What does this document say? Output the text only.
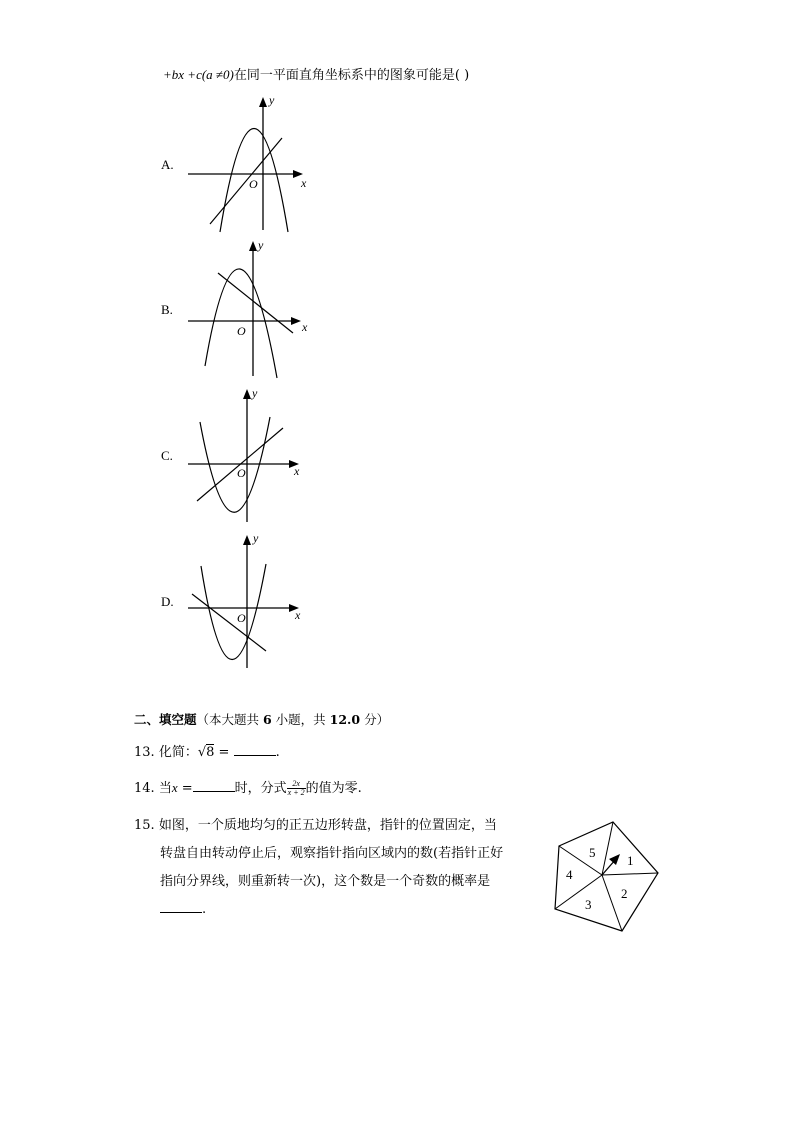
+bx +c(a ≠0)在同一平面直角坐标系中的图象可能是( )
A.
y
x
O
B.
y
x
O
C.
y
x
O
D.
y
x
O
二、填空题（本大题共 6 小题，共 12.0 分）
13. 化简：√8 =	.
14. 当x =	时，分式 $\frac{2x}{x + 2}$ 的值为零.
15. 如图，一个质地均匀的正五边形转盘，指针的位置固定，当
转盘自由转动停止后，观察指针指向区域内的数(若指针正好
指向分界线，则重新转一次)，这个数是一个奇数的概率是
.
1
2
3
4
5
